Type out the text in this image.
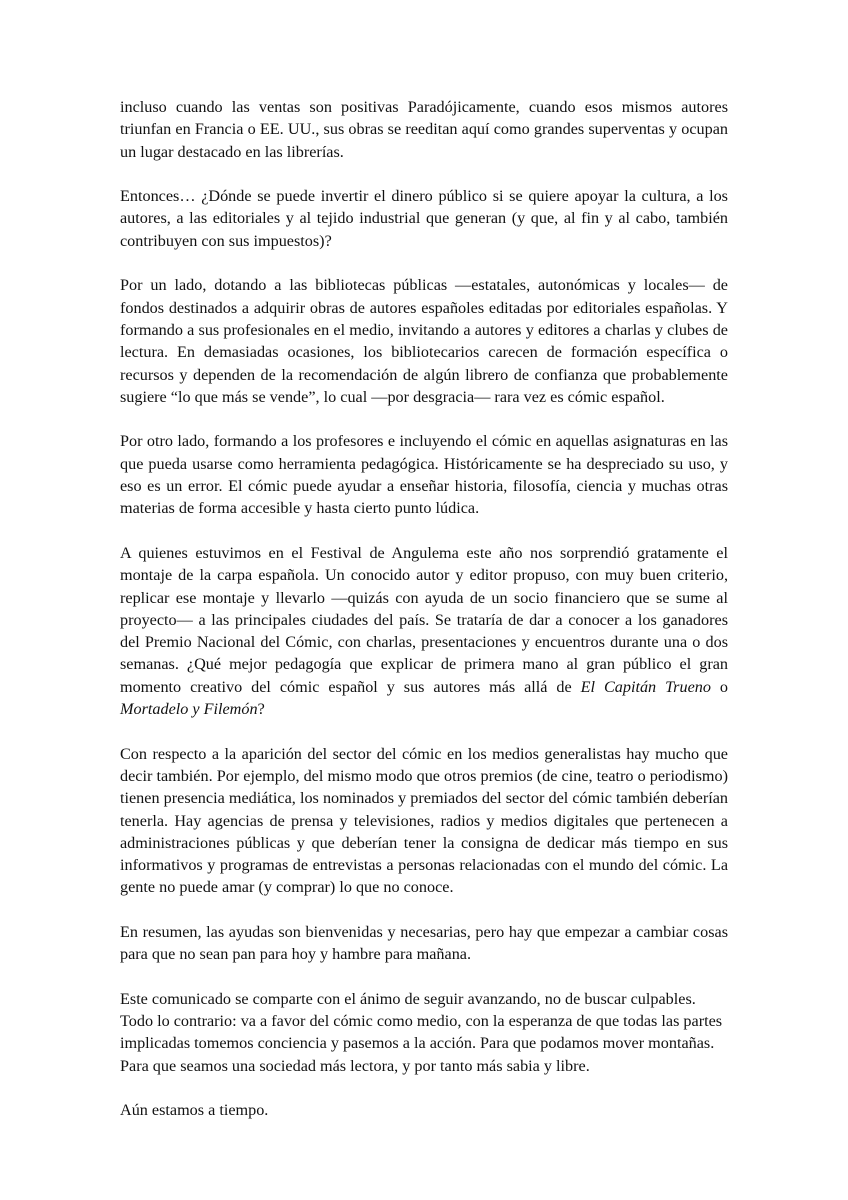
incluso cuando las ventas son positivas Paradójicamente, cuando esos mismos autores triunfan en Francia o EE. UU., sus obras se reeditan aquí como grandes superventas y ocupan un lugar destacado en las librerías.

Entonces… ¿Dónde se puede invertir el dinero público si se quiere apoyar la cultura, a los autores, a las editoriales y al tejido industrial que generan (y que, al fin y al cabo, también contribuyen con sus impuestos)?

Por un lado, dotando a las bibliotecas públicas —estatales, autonómicas y locales— de fondos destinados a adquirir obras de autores españoles editadas por editoriales españolas. Y formando a sus profesionales en el medio, invitando a autores y editores a charlas y clubes de lectura. En demasiadas ocasiones, los bibliotecarios carecen de formación específica o recursos y dependen de la recomendación de algún librero de confianza que probablemente sugiere “lo que más se vende”, lo cual —por desgracia— rara vez es cómic español.

Por otro lado, formando a los profesores e incluyendo el cómic en aquellas asignaturas en las que pueda usarse como herramienta pedagógica. Históricamente se ha despreciado su uso, y eso es un error. El cómic puede ayudar a enseñar historia, filosofía, ciencia y muchas otras materias de forma accesible y hasta cierto punto lúdica.

A quienes estuvimos en el Festival de Angulema este año nos sorprendió gratamente el montaje de la carpa española. Un conocido autor y editor propuso, con muy buen criterio, replicar ese montaje y llevarlo —quizás con ayuda de un socio financiero que se sume al proyecto— a las principales ciudades del país. Se trataría de dar a conocer a los ganadores del Premio Nacional del Cómic, con charlas, presentaciones y encuentros durante una o dos semanas. ¿Qué mejor pedagogía que explicar de primera mano al gran público el gran momento creativo del cómic español y sus autores más allá de El Capitán Trueno o Mortadelo y Filemón?

Con respecto a la aparición del sector del cómic en los medios generalistas hay mucho que decir también. Por ejemplo, del mismo modo que otros premios (de cine, teatro o periodismo) tienen presencia mediática, los nominados y premiados del sector del cómic también deberían tenerla. Hay agencias de prensa y televisiones, radios y medios digitales que pertenecen a administraciones públicas y que deberían tener la consigna de dedicar más tiempo en sus informativos y programas de entrevistas a personas relacionadas con el mundo del cómic. La gente no puede amar (y comprar) lo que no conoce.

En resumen, las ayudas son bienvenidas y necesarias, pero hay que empezar a cambiar cosas para que no sean pan para hoy y hambre para mañana.

Este comunicado se comparte con el ánimo de seguir avanzando, no de buscar culpables. Todo lo contrario: va a favor del cómic como medio, con la esperanza de que todas las partes implicadas tomemos conciencia y pasemos a la acción. Para que podamos mover montañas. Para que seamos una sociedad más lectora, y por tanto más sabia y libre.

Aún estamos a tiempo.
